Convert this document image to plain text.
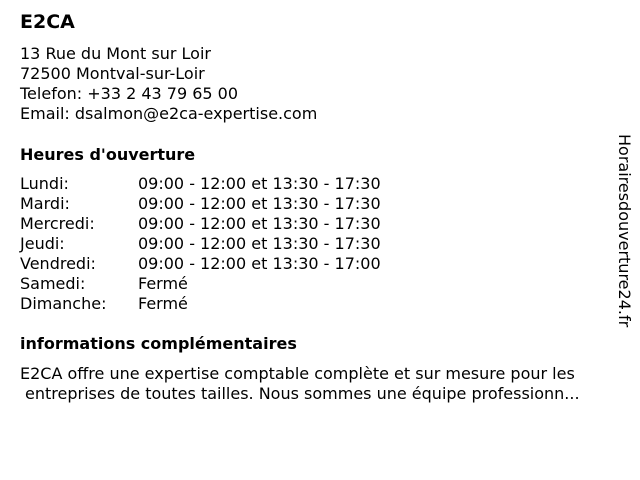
E2CA
13 Rue du Mont sur Loir
72500 Montval-sur-Loir
Telefon: +33 2 43 79 65 00
Email: dsalmon@e2ca-expertise.com
Heures d'ouverture
Lundi:	09:00 - 12:00 et 13:30 - 17:30
Mardi:	09:00 - 12:00 et 13:30 - 17:30
Mercredi:	09:00 - 12:00 et 13:30 - 17:30
Jeudi:	09:00 - 12:00 et 13:30 - 17:30
Vendredi:	09:00 - 12:00 et 13:30 - 17:00
Samedi:	Fermé
Dimanche: Fermé
informations complémentaires
E2CA offre une expertise comptable complète et sur mesure pour les
entreprises de toutes tailles. Nous sommes une équipe professionn...
Horairesdouverture24.fr
